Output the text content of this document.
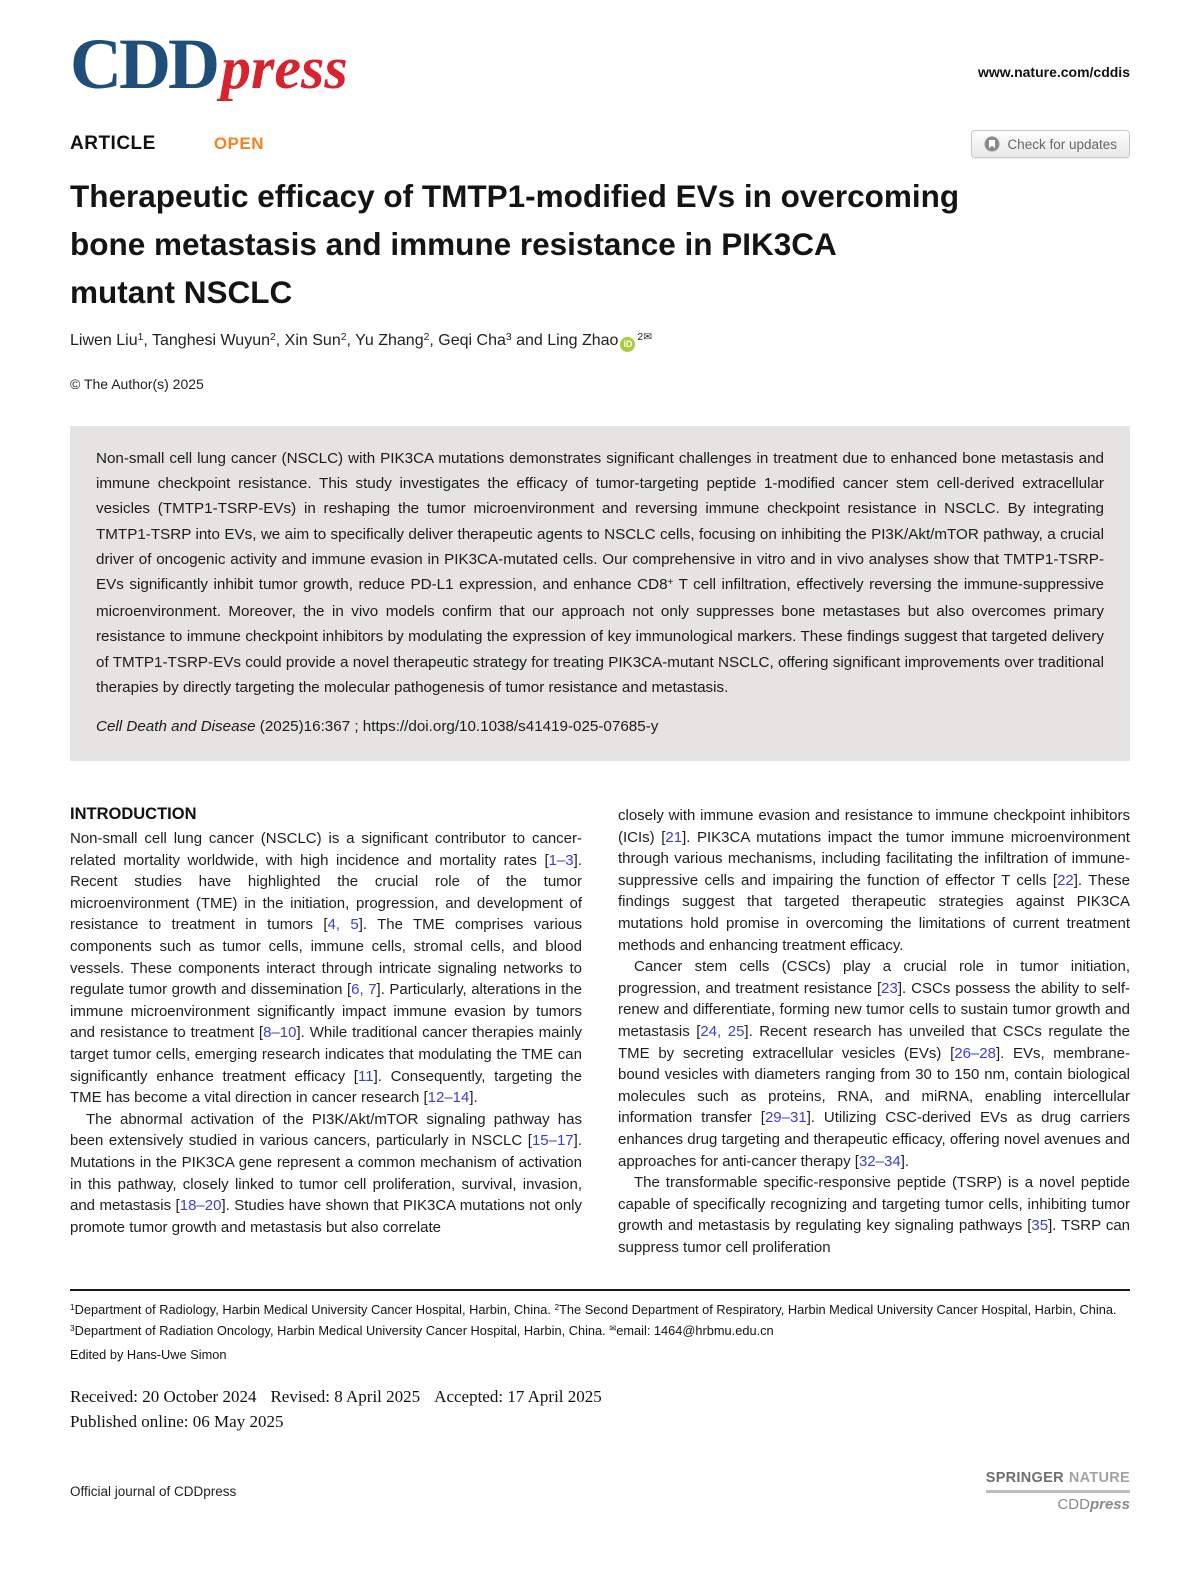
CDDpress	www.nature.com/cddis
ARTICLE	OPEN	Check for updates
Therapeutic efficacy of TMTP1-modified EVs in overcoming
bone metastasis and immune resistance in PIK3CA
mutant NSCLC
Liwen Liu$^1$, Tanghesi Wuyun$^2$, Xin Sun$^2$, Yu Zhang$^2$, Geqi Cha$^3$ and Ling Zhao $iD^{2✉}$
© The Author(s) 2025
Non-small cell lung cancer (NSCLC) with PIK3CA mutations demonstrates significant challenges in treatment due to enhanced bone metastasis and immune checkpoint resistance. This study investigates the efficacy of tumor-targeting peptide 1-modified cancer stem cell-derived extracellular vesicles (TMTP1-TSRP-EVs) in reshaping the tumor microenvironment and reversing immune checkpoint resistance in NSCLC. By integrating TMTP1-TSRP into EVs, we aim to specifically deliver therapeutic agents to NSCLC cells, focusing on inhibiting the PI3K/Akt/mTOR pathway, a crucial driver of oncogenic activity and immune evasion in PIK3CA-mutated cells. Our comprehensive in vitro and in vivo analyses show that TMTP1-TSRP-EVs significantly inhibit tumor growth, reduce PD-L1 expression, and enhance CD8+ T cell infiltration, effectively reversing the immune-suppressive microenvironment. Moreover, the in vivo models confirm that our approach not only suppresses bone metastases but also overcomes primary resistance to immune checkpoint inhibitors by modulating the expression of key immunological markers. These findings suggest that targeted delivery of TMTP1-TSRP-EVs could provide a novel therapeutic strategy for treating PIK3CA-mutant NSCLC, offering significant improvements over traditional therapies by directly targeting the molecular pathogenesis of tumor resistance and metastasis.
Cell Death and Disease (2025)16:367 ; https://doi.org/10.1038/s41419-025-07685-y
INTRODUCTION

Non-small cell lung cancer (NSCLC) is a significant contributor to cancer-related mortality worldwide, with high incidence and mortality rates [1–3]. Recent studies have highlighted the crucial role of the tumor microenvironment (TME) in the initiation, progression, and development of resistance to treatment in tumors [4, 5]. The TME comprises various components such as tumor cells, immune cells, stromal cells, and blood vessels. These components interact through intricate signaling networks to regulate tumor growth and dissemination [6, 7]. Particularly, alterations in the immune microenvironment significantly impact immune evasion by tumors and resistance to treatment [8–10]. While traditional cancer therapies mainly target tumor cells, emerging research indicates that modulating the TME can significantly enhance treatment efficacy [11]. Consequently, targeting the TME has become a vital direction in cancer research [12–14].

The abnormal activation of the PI3K/Akt/mTOR signaling pathway has been extensively studied in various cancers, particularly in NSCLC [15–17]. Mutations in the PIK3CA gene represent a common mechanism of activation in this pathway, closely linked to tumor cell proliferation, survival, invasion, and metastasis [18–20]. Studies have shown that PIK3CA mutations not only promote tumor growth and metastasis but also correlate

closely with immune evasion and resistance to immune checkpoint inhibitors (ICIs) [21]. PIK3CA mutations impact the tumor immune microenvironment through various mechanisms, including facilitating the infiltration of immune-suppressive cells and impairing the function of effector T cells [22]. These findings suggest that targeted therapeutic strategies against PIK3CA mutations hold promise in overcoming the limitations of current treatment methods and enhancing treatment efficacy.

Cancer stem cells (CSCs) play a crucial role in tumor initiation, progression, and treatment resistance [23]. CSCs possess the ability to self-renew and differentiate, forming new tumor cells to sustain tumor growth and metastasis [24, 25]. Recent research has unveiled that CSCs regulate the TME by secreting extracellular vesicles (EVs) [26–28]. EVs, membrane-bound vesicles with diameters ranging from 30 to 150 nm, contain biological molecules such as proteins, RNA, and miRNA, enabling intercellular information transfer [29–31]. Utilizing CSC-derived EVs as drug carriers enhances drug targeting and therapeutic efficacy, offering novel avenues and approaches for anti-cancer therapy [32–34].

The transformable specific-responsive peptide (TSRP) is a novel peptide capable of specifically recognizing and targeting tumor cells, inhibiting tumor growth and metastasis by regulating key signaling pathways [35]. TSRP can suppress tumor cell proliferation

$^1$Department of Radiology, Harbin Medical University Cancer Hospital, Harbin, China. $^2$The Second Department of Respiratory, Harbin Medical University Cancer Hospital, Harbin, China. $^3$Department of Radiation Oncology, Harbin Medical University Cancer Hospital, Harbin, China. ✉email: 1464@hrbmu.edu.cn
Edited by Hans-Uwe Simon
Received: 20 October 2024 Revised: 8 April 2025 Accepted: 17 April 2025
Published online: 06 May 2025
Official journal of CDDpress
SPRINGER NATURE
CDDpress
